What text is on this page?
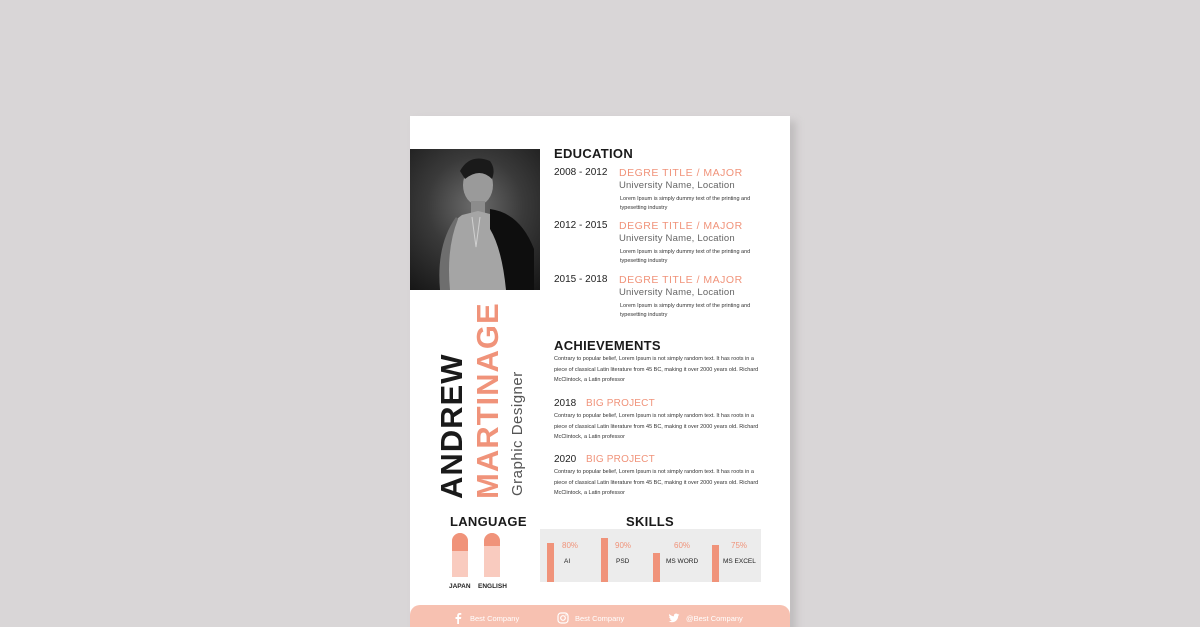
ANDREW MARTINAGE Graphic Designer
EDUCATION
2008 - 2012 DEGRE TITLE / MAJOR
University Name, Location
Lorem Ipsum is simply dummy text of the printing and typesetting industry
2012 - 2015 DEGRE TITLE / MAJOR
University Name, Location
Lorem Ipsum is simply dummy text of the printing and typesetting industry
2015 - 2018 DEGRE TITLE / MAJOR
University Name, Location
Lorem Ipsum is simply dummy text of the printing and typesetting industry
ACHIEVEMENTS
Contrary to popular belief, Lorem Ipsum is not simply random text. It has roots in a piece of classical Latin literature from 45 BC, making it over 2000 years old. Richard McClintock, a Latin professor
2018 BIG PROJECT
Contrary to popular belief, Lorem Ipsum is not simply random text. It has roots in a piece of classical Latin literature from 45 BC, making it over 2000 years old. Richard McClintock, a Latin professor
2020 BIG PROJECT
Contrary to popular belief, Lorem Ipsum is not simply random text. It has roots in a piece of classical Latin literature from 45 BC, making it over 2000 years old. Richard McClintock, a Latin professor
LANGUAGE
JAPAN ENGLISH
SKILLS
80%
AI
90%
PSD
60%
MS WORD
75%
MS EXCEL
Best Company	Best Company	@Best Company
